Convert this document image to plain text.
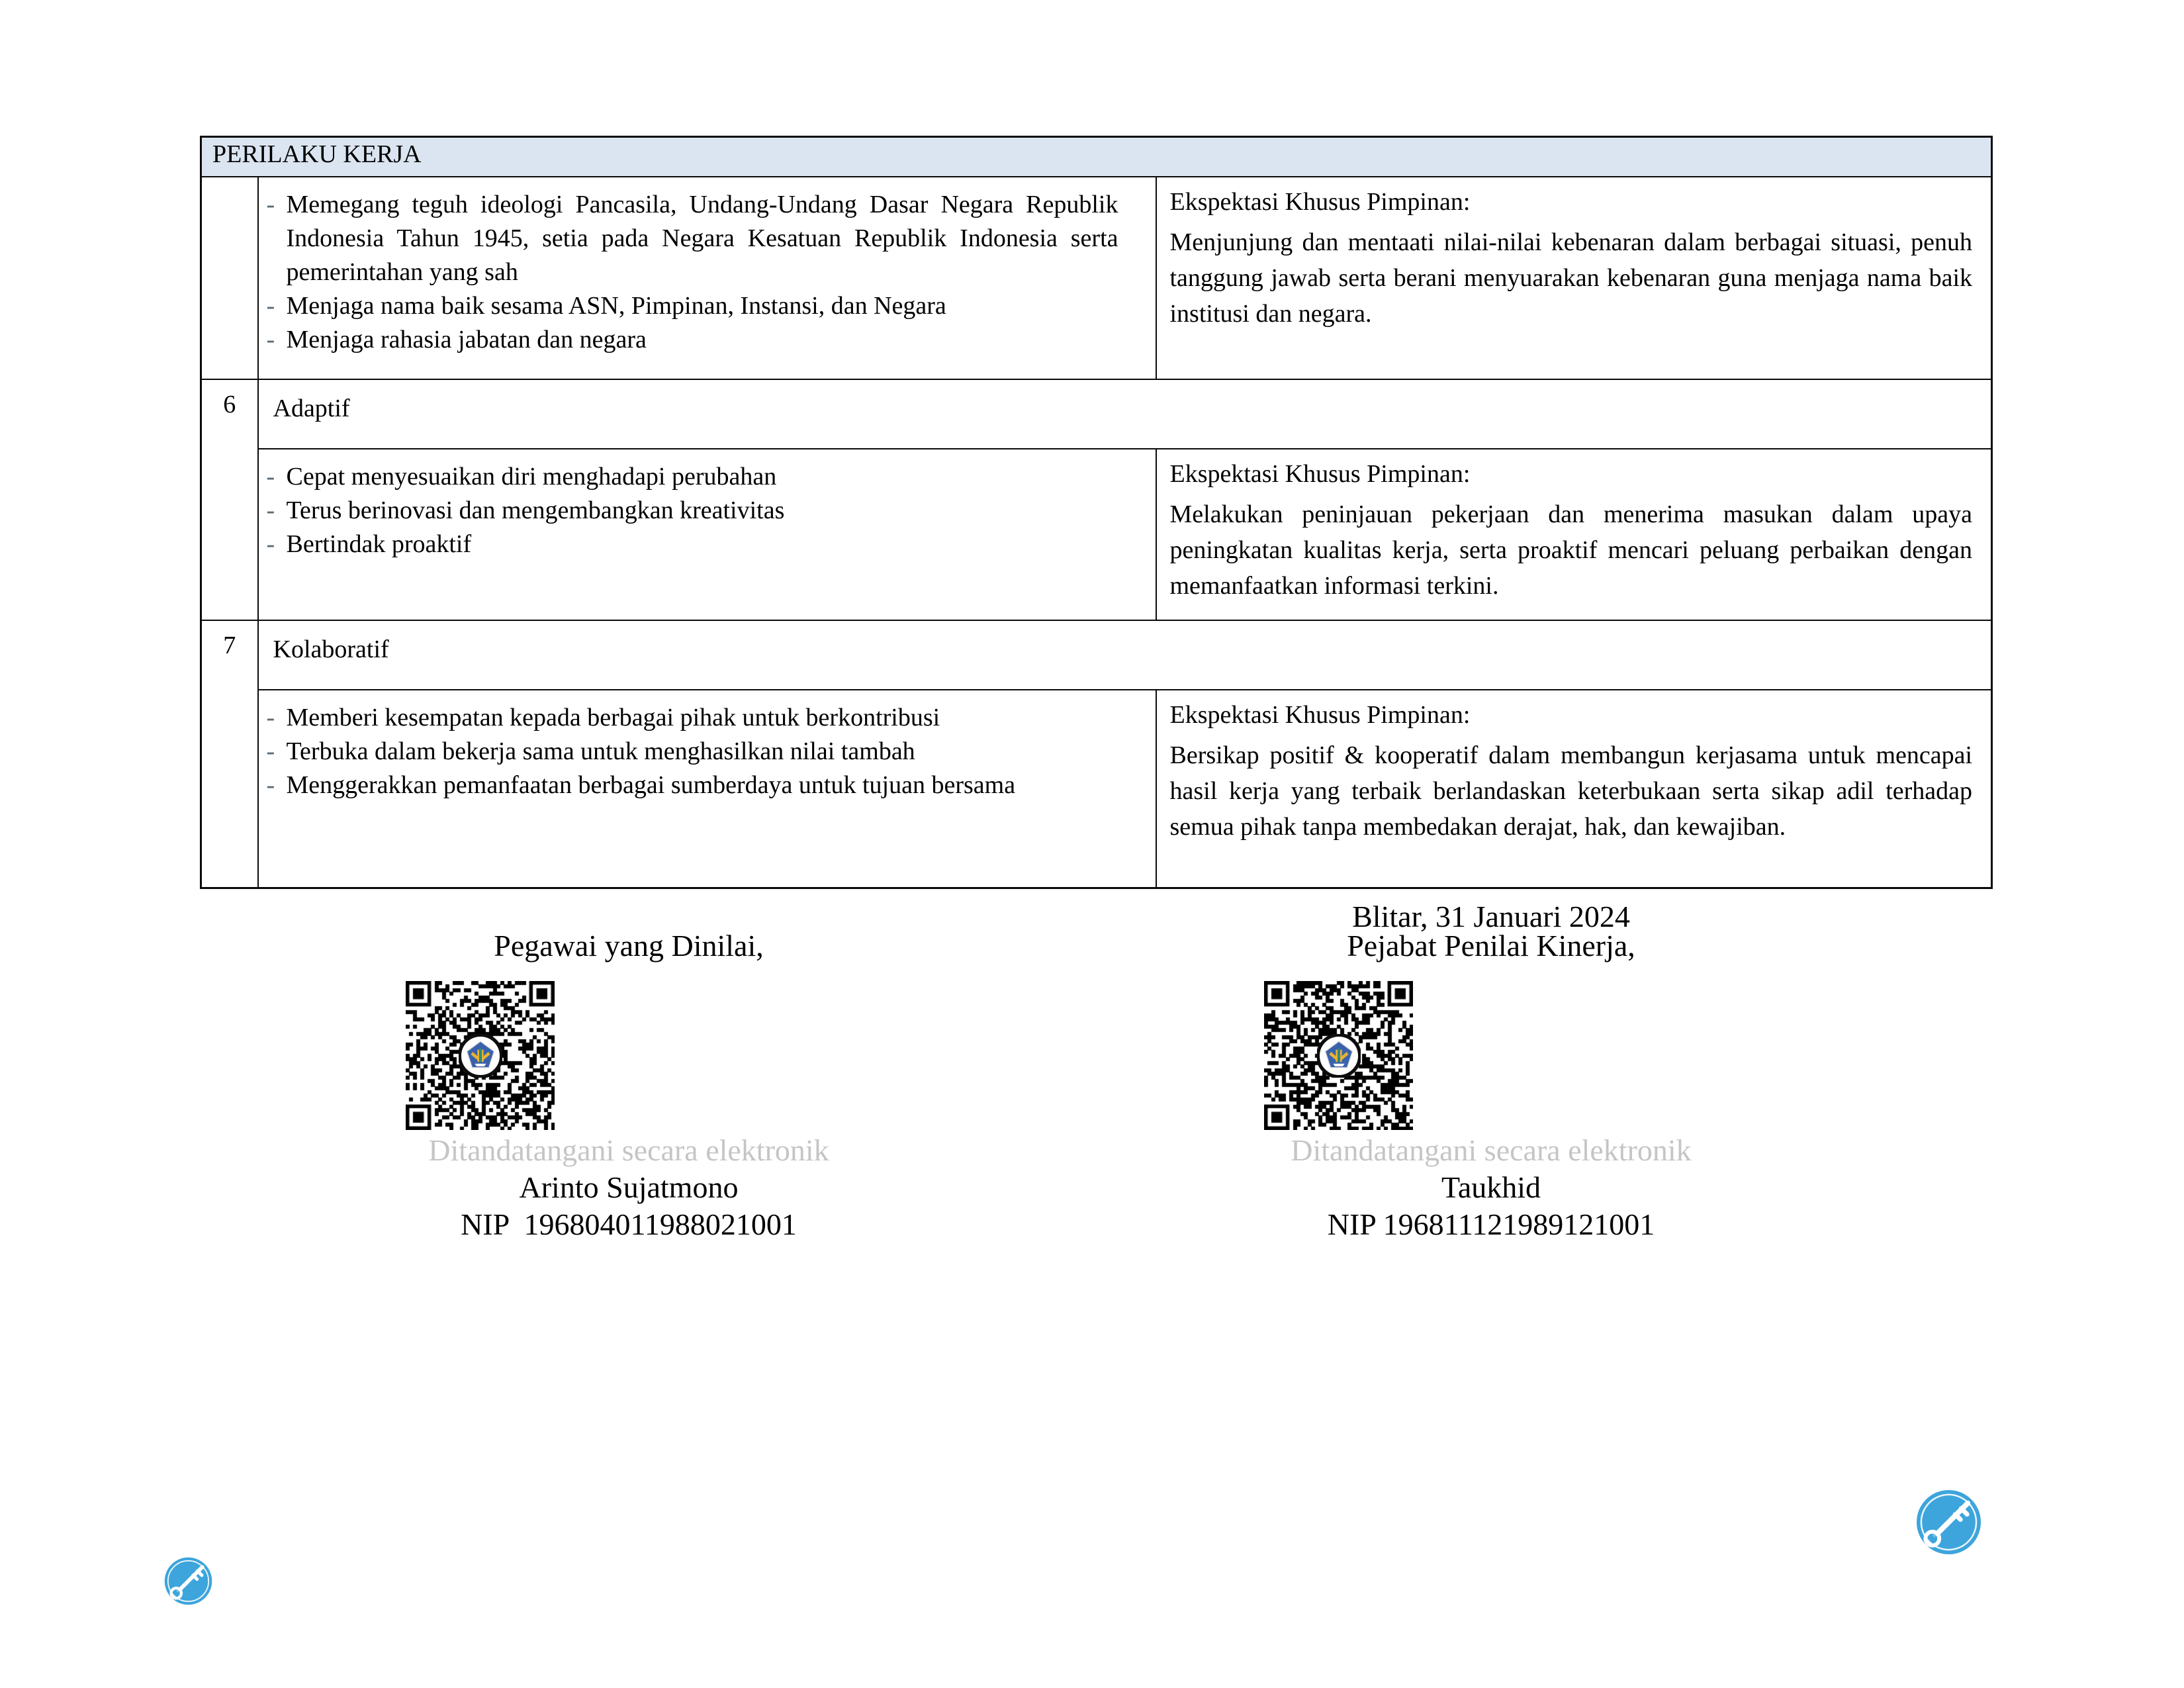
PERILAKU KERJA		

- Memegang teguh ideologi Pancasila, Undang-Undang Dasar Negara Republik Indonesia Tahun 1945, setia pada Negara Kesatuan Republik Indonesia serta pemerintahan yang sah
- Menjaga nama baik sesama ASN, Pimpinan, Instansi, dan Negara
- Menjaga rahasia jabatan dan negara

Ekspektasi Khusus Pimpinan:

Menjunjung dan mentaati nilai-nilai kebenaran dalam berbagai situasi, penuh tanggung jawab serta berani menyuarakan kebenaran guna menjaga nama baik institusi dan negara.

6	Adaptif	

- Cepat menyesuaikan diri menghadapi perubahan
- Terus berinovasi dan mengembangkan kreativitas
- Bertindak proaktif

Ekspektasi Khusus Pimpinan:

Melakukan peninjauan pekerjaan dan menerima masukan dalam upaya peningkatan kualitas kerja, serta proaktif mencari peluang perbaikan dengan memanfaatkan informasi terkini.

7	Kolaboratif	

- Memberi kesempatan kepada berbagai pihak untuk berkontribusi
- Terbuka dalam bekerja sama untuk menghasilkan nilai tambah
- Menggerakkan pemanfaatan berbagai sumberdaya untuk tujuan bersama

Ekspektasi Khusus Pimpinan:

Bersikap positif & kooperatif dalam membangun kerjasama untuk mencapai hasil kerja yang terbaik berlandaskan keterbukaan serta sikap adil terhadap semua pihak tanpa membedakan derajat, hak, dan kewajiban.

Pegawai yang Dinilai,
Ditandatangani secara elektronik
Arinto Sujatmono
NIP  196804011988021001
Blitar, 31 Januari 2024
Pejabat Penilai Kinerja,
Ditandatangani secara elektronik
Taukhid
NIP 196811121989121001
